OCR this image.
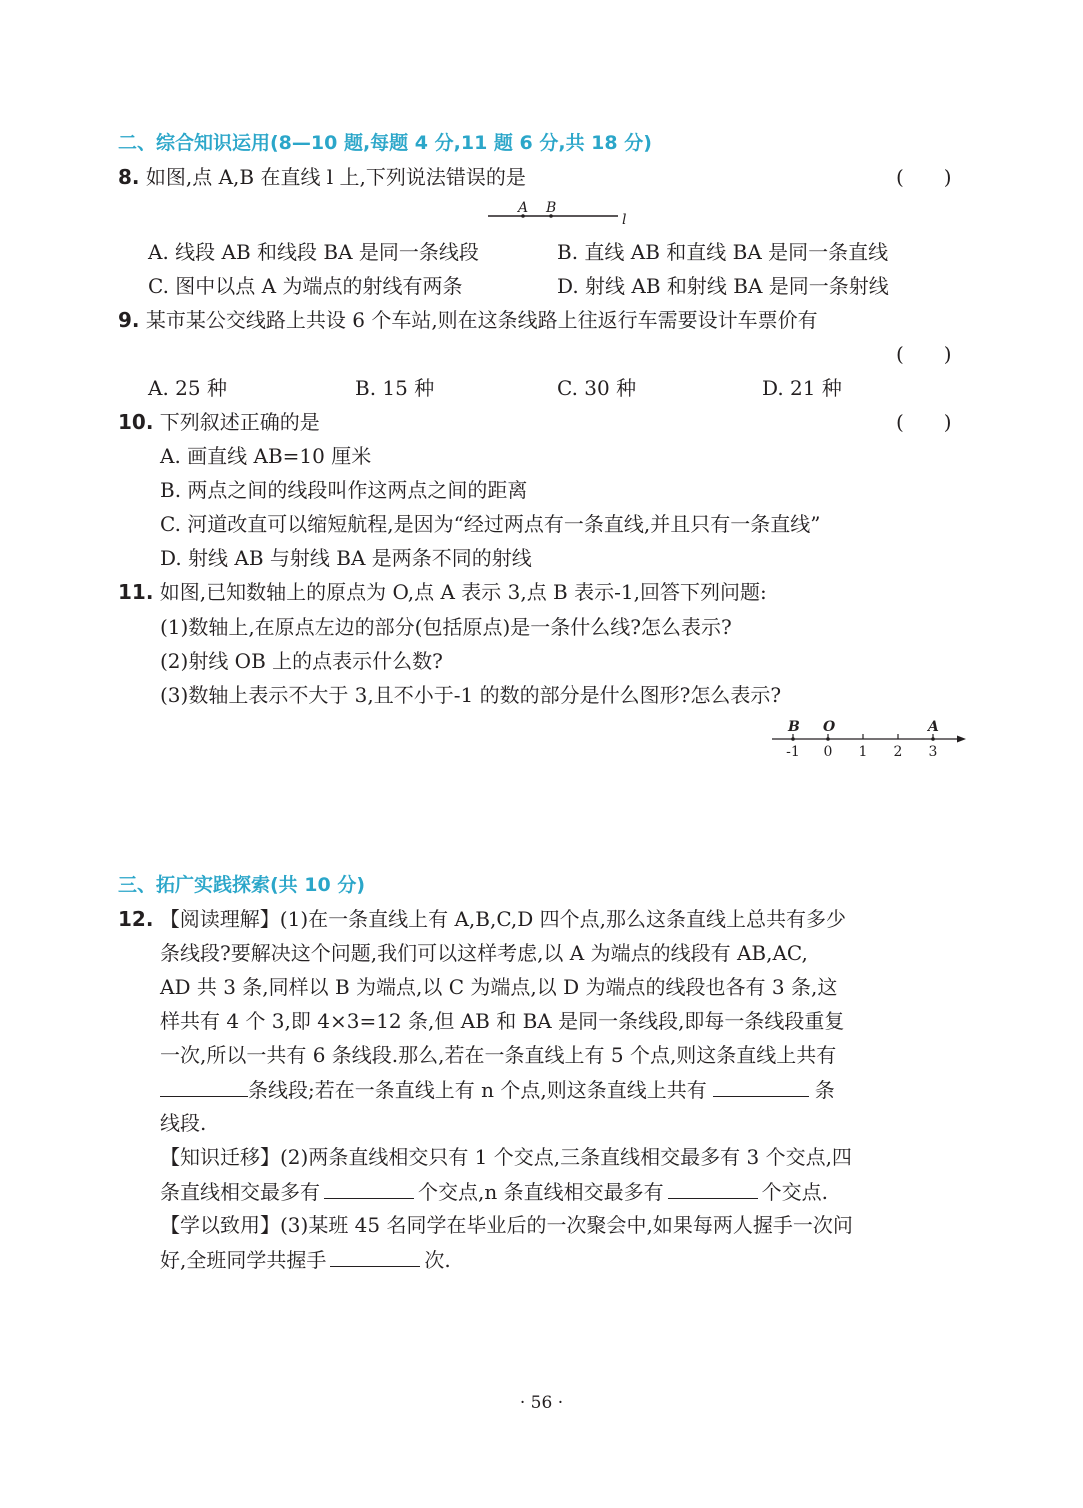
二、综合知识运用(8—10 题,每题 4 分,11 题 6 分,共 18 分)
8. 如图,点 A,B 在直线 l 上,下列说法错误的是	(　　)
A B
l
A. 线段 AB 和线段 BA 是同一条线段	B. 直线 AB 和直线 BA 是同一条直线
C. 图中以点 A 为端点的射线有两条	D. 射线 AB 和射线 BA 是同一条射线
9. 某市某公交线路上共设 6 个车站,则在这条线路上往返行车需要设计车票价有
(　　)
A. 25 种	B. 15 种	C. 30 种	D. 21 种
10. 下列叙述正确的是	(　　)
A. 画直线 AB=10 厘米
B. 两点之间的线段叫作这两点之间的距离
C. 河道改直可以缩短航程,是因为“经过两点有一条直线,并且只有一条直线”
D. 射线 AB 与射线 BA 是两条不同的射线
11. 如图,已知数轴上的原点为 O,点 A 表示 3,点 B 表示-1,回答下列问题:
(1)数轴上,在原点左边的部分(包括原点)是一条什么线?怎么表示?
(2)射线 OB 上的点表示什么数?
(3)数轴上表示不大于 3,且不小于-1 的数的部分是什么图形?怎么表示?
B O	A
-1 0 1 2 3
三、拓广实践探索(共 10 分)
12. 【阅读理解】(1)在一条直线上有 A,B,C,D 四个点,那么这条直线上总共有多少
条线段?要解决这个问题,我们可以这样考虑,以 A 为端点的线段有 AB,AC,
AD 共 3 条,同样以 B 为端点,以 C 为端点,以 D 为端点的线段也各有 3 条,这
样共有 4 个 3,即 4×3=12 条,但 AB 和 BA 是同一条线段,即每一条线段重复
一次,所以一共有 6 条线段.那么,若在一条直线上有 5 个点,则这条直线上共有
条线段;若在一条直线上有 n 个点,则这条直线上共有	条
线段.
【知识迁移】(2)两条直线相交只有 1 个交点,三条直线相交最多有 3 个交点,四
条直线相交最多有	个交点,n 条直线相交最多有	个交点.
【学以致用】(3)某班 45 名同学在毕业后的一次聚会中,如果每两人握手一次问
好,全班同学共握手	次.
· 56 ·
